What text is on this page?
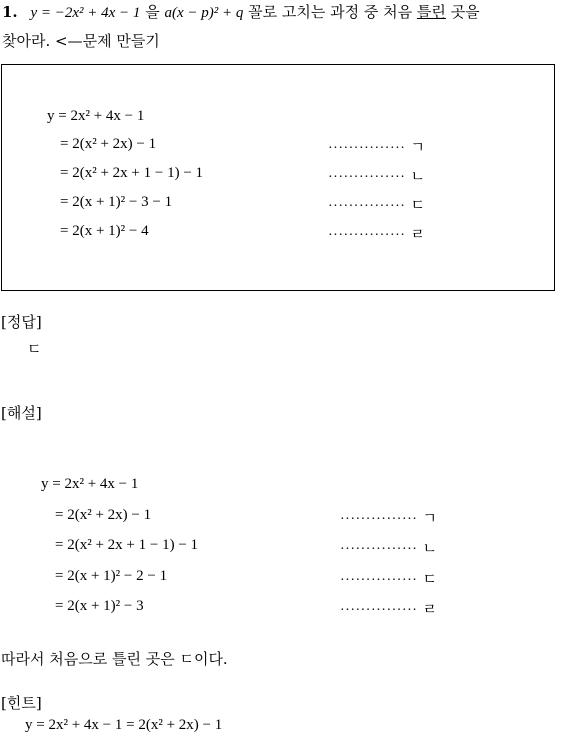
1. y = −2x² + 4x − 1 을 a(x − p)² + q 꼴로 고치는 과정 중 처음 틀린 곳을
찾아라. <—문제 만들기
y = 2x² + 4x − 1
= 2(x² + 2x) − 1
= 2(x² + 2x + 1 − 1) − 1
= 2(x + 1)² − 3 − 1
= 2(x + 1)² − 4
··············· ㄱ
··············· ㄴ
··············· ㄷ
··············· ㄹ
[정답]
ㄷ
[해설]
y = 2x² + 4x − 1
= 2(x² + 2x) − 1
= 2(x² + 2x + 1 − 1) − 1
= 2(x + 1)² − 2 − 1
= 2(x + 1)² − 3
··············· ㄱ
··············· ㄴ
··············· ㄷ
··············· ㄹ
따라서 처음으로 틀린 곳은 ㄷ이다.
[힌트]
y = 2x² + 4x − 1 = 2(x² + 2x) − 1
